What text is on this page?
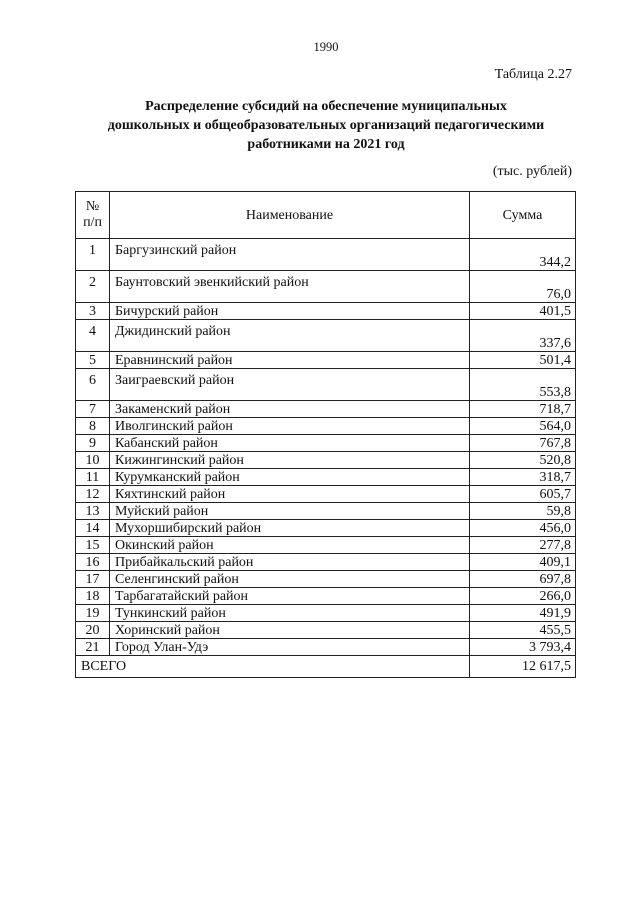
1990
Таблица 2.27
Распределение субсидий на обеспечение муниципальных
дошкольных и общеобразовательных организаций педагогическими
работниками на 2021 год
(тыс. рублей)
№
п/п	Наименование	Сумма
1	Баргузинский район	344,2
2	Баунтовский эвенкийский район	76,0
3	Бичурский район	401,5
4	Джидинский район	337,6
5	Еравнинский район	501,4
6	Заиграевский район	553,8
7	Закаменский район	718,7
8	Иволгинский район	564,0
9	Кабанский район	767,8
10	Кижингинский район	520,8
11	Курумканский район	318,7
12	Кяхтинский район	605,7
13	Муйский район	59,8
14	Мухоршибирский район	456,0
15	Окинский район	277,8
16	Прибайкальский район	409,1
17	Селенгинский район	697,8
18	Тарбагатайский район	266,0
19	Тункинский район	491,9
20	Хоринский район	455,5
21	Город Улан-Удэ	3 793,4
ВСЕГО		12 617,5
